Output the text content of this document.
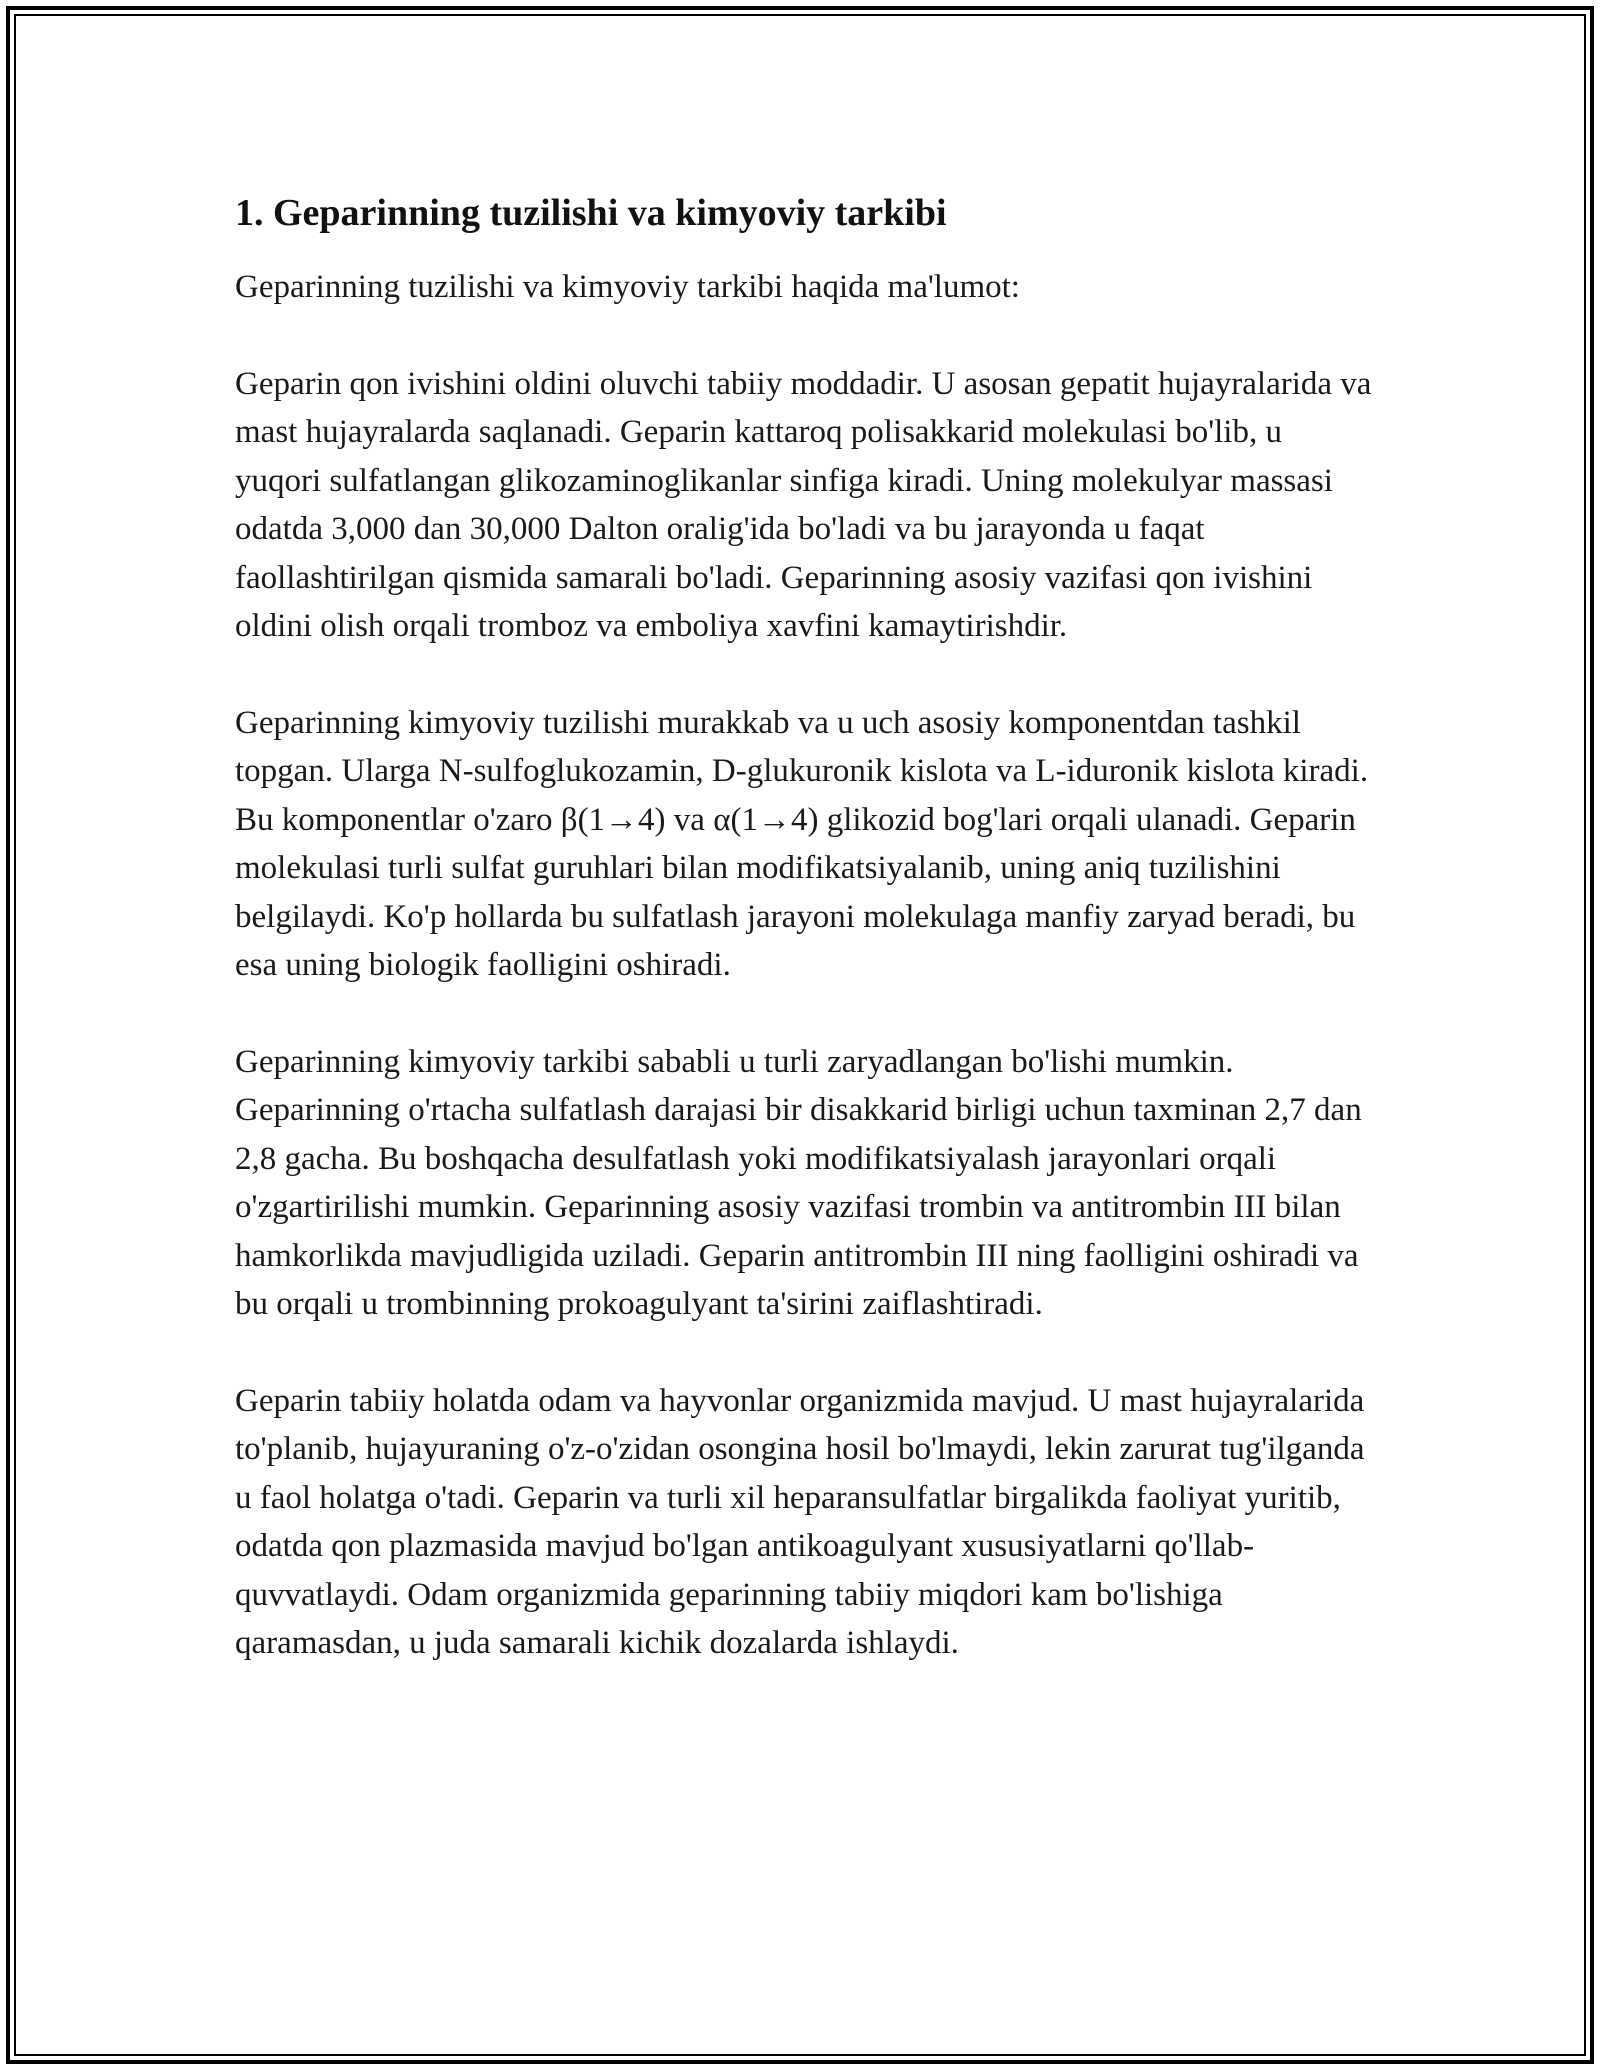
1. Geparinning tuzilishi va kimyoviy tarkibi

Geparinning tuzilishi va kimyoviy tarkibi haqida ma'lumot:

Geparin qon ivishini oldini oluvchi tabiiy moddadir. U asosan gepatit hujayralarida va mast hujayralarda saqlanadi. Geparin kattaroq polisakkarid molekulasi bo'lib, u yuqori sulfatlangan glikozaminoglikanlar sinfiga kiradi. Uning molekulyar massasi odatda 3,000 dan 30,000 Dalton oralig'ida bo'ladi va bu jarayonda u faqat faollashtirilgan qismida samarali bo'ladi. Geparinning asosiy vazifasi qon ivishini oldini olish orqali tromboz va emboliya xavfini kamaytirishdir.

Geparinning kimyoviy tuzilishi murakkab va u uch asosiy komponentdan tashkil topgan. Ularga N-sulfoglukozamin, D-glukuronik kislota va L-iduronik kislota kiradi. Bu komponentlar o'zaro β(1→4) va α(1→4) glikozid bog'lari orqali ulanadi. Geparin molekulasi turli sulfat guruhlari bilan modifikatsiyalanib, uning aniq tuzilishini belgilaydi. Ko'p hollarda bu sulfatlash jarayoni molekulaga manfiy zaryad beradi, bu esa uning biologik faolligini oshiradi.

Geparinning kimyoviy tarkibi sababli u turli zaryadlangan bo'lishi mumkin. Geparinning o'rtacha sulfatlash darajasi bir disakkarid birligi uchun taxminan 2,7 dan 2,8 gacha. Bu boshqacha desulfatlash yoki modifikatsiyalash jarayonlari orqali o'zgartirilishi mumkin. Geparinning asosiy vazifasi trombin va antitrombin III bilan hamkorlikda mavjudligida uziladi. Geparin antitrombin III ning faolligini oshiradi va bu orqali u trombinning prokoagulyant ta'sirini zaiflashtiradi.

Geparin tabiiy holatda odam va hayvonlar organizmida mavjud. U mast hujayralarida to'planib, hujayuraning o'z-o'zidan osongina hosil bo'lmaydi, lekin zarurat tug'ilganda u faol holatga o'tadi. Geparin va turli xil heparansulfatlar birgalikda faoliyat yuritib, odatda qon plazmasida mavjud bo'lgan antikoagulyant xususiyatlarni qo'llab-quvvatlaydi. Odam organizmida geparinning tabiiy miqdori kam bo'lishiga qaramasdan, u juda samarali kichik dozalarda ishlaydi.
